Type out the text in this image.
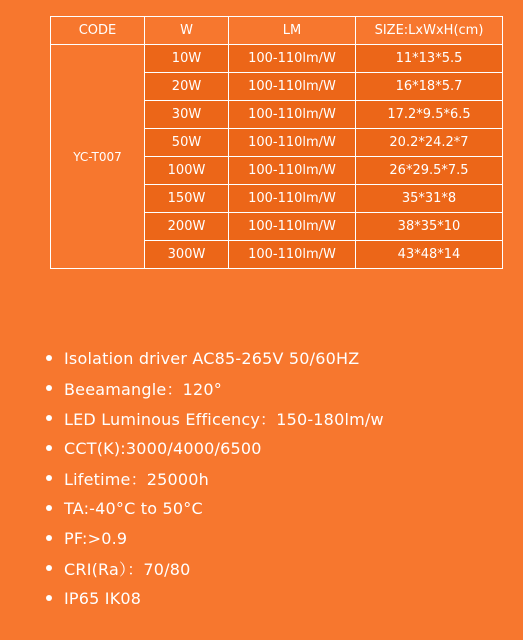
CODE	W	LM	SIZE:LxWxH(cm)
YC-T007	10W	100-110lm/W	11*13*5.5
	20W	100-110lm/W	16*18*5.7
	30W	100-110lm/W	17.2*9.5*6.5
	50W	100-110lm/W	20.2*24.2*7
	100W	100-110lm/W	26*29.5*7.5
	150W	100-110lm/W	35*31*8
	200W	100-110lm/W	38*35*10
	300W	100-110lm/W	43*48*14
Isolation driver AC85-265V 50/60HZ
Beeamangle：120°
LED Luminous Efficency：150-180lm/w
CCT(K):3000/4000/6500
Lifetime：25000h
TA:-40°C to 50°C
PF:>0.9
CRI(Ra）：70/80
IP65 IK08
